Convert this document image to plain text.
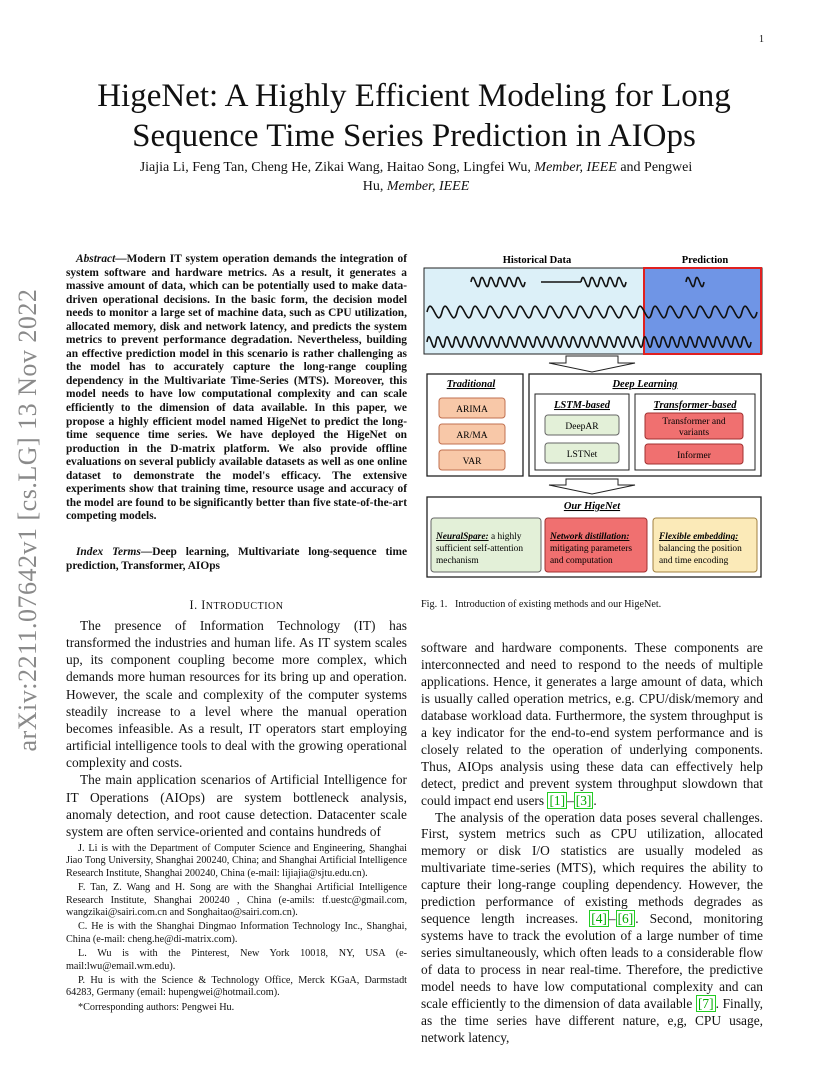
1
arXiv:2211.07642v1 [cs.LG] 13 Nov 2022
HigeNet: A Highly Efficient Modeling for Long Sequence Time Series Prediction in AIOps
Jiajia Li, Feng Tan, Cheng He, Zikai Wang, Haitao Song, Lingfei Wu, Member, IEEE and Pengwei
Hu, Member, IEEE
Abstract—Modern IT system operation demands the integration of system software and hardware metrics. As a result, it generates a massive amount of data, which can be potentially used to make data-driven operational decisions. In the basic form, the decision model needs to monitor a large set of machine data, such as CPU utilization, allocated memory, disk and network latency, and predicts the system metrics to prevent performance degradation. Nevertheless, building an effective prediction model in this scenario is rather challenging as the model has to accurately capture the long-range coupling dependency in the Multivariate Time-Series (MTS). Moreover, this model needs to have low computational complexity and can scale efficiently to the dimension of data available. In this paper, we propose a highly efficient model named HigeNet to predict the long-time sequence time series. We have deployed the HigeNet on production in the D-matrix platform. We also provide offline evaluations on several publicly available datasets as well as one online dataset to demonstrate the model's efficacy. The extensive experiments show that training time, resource usage and accuracy of the model are found to be significantly better than five state-of-the-art competing models.
Index Terms—Deep learning, Multivariate long-sequence time prediction, Transformer, AIOps
I. INTRODUCTION

The presence of Information Technology (IT) has transformed the industries and human life. As IT system scales up, its component coupling become more complex, which demands more human resources for its bring up and operation. However, the scale and complexity of the computer systems steadily increase to a level where the manual operation becomes infeasible. As a result, IT operators start employing artificial intelligence tools to deal with the growing operational complexity and costs.

The main application scenarios of Artificial Intelligence for IT Operations (AIOps) are system bottleneck analysis, anomaly detection, and root cause detection. Datacenter scale system are often service-oriented and contains hundreds of

J. Li is with the Department of Computer Science and Engineering, Shanghai Jiao Tong University, Shanghai 200240, China; and Shanghai Artificial Intelligence Research Institute, Shanghai 200240, China (e-mail: lijiajia@sjtu.edu.cn).

F. Tan, Z. Wang and H. Song are with the Shanghai Artificial Intelligence Research Institute, Shanghai 200240 , China (e-amils: tf.uestc@gmail.com, wangzikai@sairi.com.cn and Songhaitao@sairi.com.cn).

C. He is with the Shanghai Dingmao Information Technology Inc., Shanghai, China (e-mail: cheng.he@di-matrix.com).

L. Wu is with the Pinterest, New York 10018, NY, USA (e-mail:lwu@email.wm.edu).

P. Hu is with the Science & Technology Office, Merck KGaA, Darmstadt 64283, Germany (email: hupengwei@hotmail.com).

*Corresponding authors: Pengwei Hu.

Historical Data	Prediction
Traditional
ARIMA
AR/MA
VAR
Deep Learning
LSTM-based
DeepAR
LSTNet
Transformer-based
Transformer and
variants
Informer
Our HigeNet
NeuralSpare: a highly
sufficient self-attention
mechanism
Network distillation:
mitigating parameters
and computation
Flexible embedding:
balancing the position
and time encoding
Fig. 1.   Introduction of existing methods and our HigeNet.

software and hardware components. These components are interconnected and need to respond to the needs of multiple applications. Hence, it generates a large amount of data, which is usually called operation metrics, e.g. CPU/disk/memory and database workload data. Furthermore, the system throughput is a key indicator for the end-to-end system performance and is closely related to the operation of underlying components. Thus, AIOps analysis using these data can effectively help detect, predict and prevent system throughput slowdown that could impact end users [1] – [3] .

The analysis of the operation data poses several challenges. First, system metrics such as CPU utilization, allocated memory or disk I/O statistics are usually modeled as multivariate time-series (MTS), which requires the ability to capture their long-range coupling dependency. However, the prediction performance of existing methods degrades as sequence length increases. [4] – [6] . Second, monitoring systems have to track the evolution of a large number of time series simultaneously, which often leads to a considerable flow of data to process in near real-time. Therefore, the predictive model needs to have low computational complexity and can scale efficiently to the dimension of data available [7] . Finally, as the time series have different nature, e,g, CPU usage, network latency,
